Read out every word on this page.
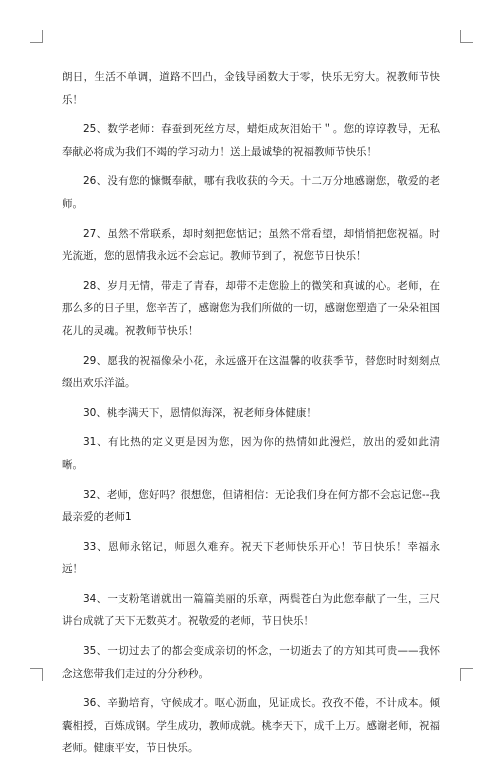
朗日，生活不单调，道路不凹凸，金钱导函数大于零，快乐无穷大。祝教师节快乐！

25、数学老师：春蚕到死丝方尽，蜡炬成灰泪始干＂。您的谆谆教导，无私奉献必将成为我们不竭的学习动力！送上最诚挚的祝福教师节快乐！

26、没有您的慷慨奉献，哪有我收获的今天。十二万分地感谢您，敬爱的老师。

27、虽然不常联系，却时刻把您惦记；虽然不常看望，却悄悄把您祝福。时光流逝，您的恩情我永远不会忘记。教师节到了，祝您节日快乐！

28、岁月无情，带走了青春，却带不走您脸上的微笑和真诚的心。老师，在那么多的日子里，您辛苦了，感谢您为我们所做的一切，感谢您塑造了一朵朵祖国花儿的灵魂。祝教师节快乐！

29、愿我的祝福像朵小花，永远盛开在这温馨的收获季节，替您时时刻刻点缀出欢乐洋溢。

30、桃李满天下，恩情似海深，祝老师身体健康！

31、有比热的定义更是因为您，因为你的热情如此漫烂，放出的爱如此清晰。

32、老师，您好吗？很想您，但请相信：无论我们身在何方都不会忘记您--我最亲爱的老师1

33、恩师永铭记，师恩久难弃。祝天下老师快乐开心！节日快乐！幸福永远！

34、一支粉笔谱就出一篇篇美丽的乐章，两鬓苍白为此您奉献了一生，三尺讲台成就了天下无数英才。祝敬爱的老师，节日快乐！

35、一切过去了的都会变成亲切的怀念，一切逝去了的方知其可贵——我怀念这您带我们走过的分分秒秒。

36、辛勤培育，守候成才。呕心沥血，见证成长。孜孜不倦，不计成本。倾囊相授，百炼成钢。学生成功，教师成就。桃李天下，成千上万。感谢老师，祝福老师。健康平安，节日快乐。
